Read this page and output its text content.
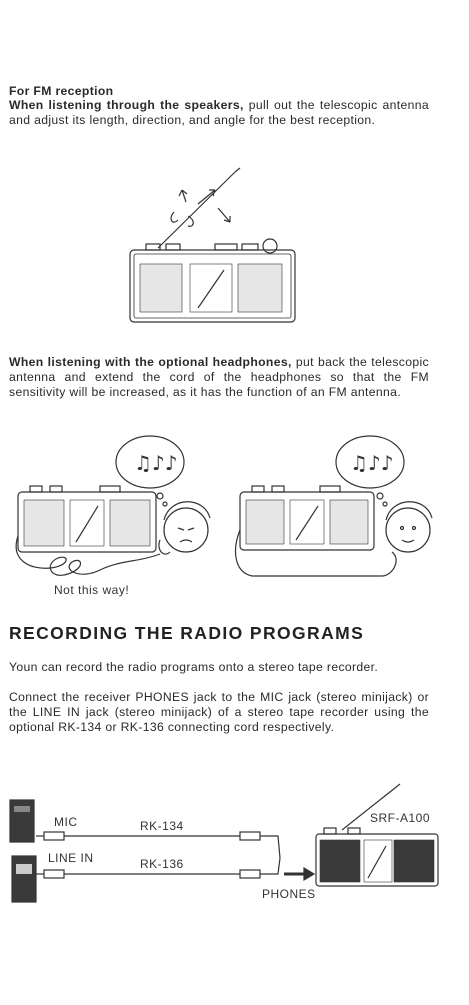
For FM reception
When listening through the speakers, pull out the telescopic antenna and adjust its length, direction, and angle for the best reception.
When listening with the optional headphones, put back the telescopic antenna and extend the cord of the headphones so that the FM sensitivity will be increased, as it has the function of an FM antenna.
♫♪♪
Not this way!
♫♪♪
RECORDING THE RADIO PROGRAMS
Youn can record the radio programs onto a stereo tape recorder.
Connect the receiver PHONES jack to the MIC jack (stereo minijack) or the LINE IN jack (stereo minijack) of a stereo tape recorder using the optional RK-134 or RK-136 connecting cord respectively.
MIC
LINE IN
RK-134
RK-136
PHONES
SRF-A100
